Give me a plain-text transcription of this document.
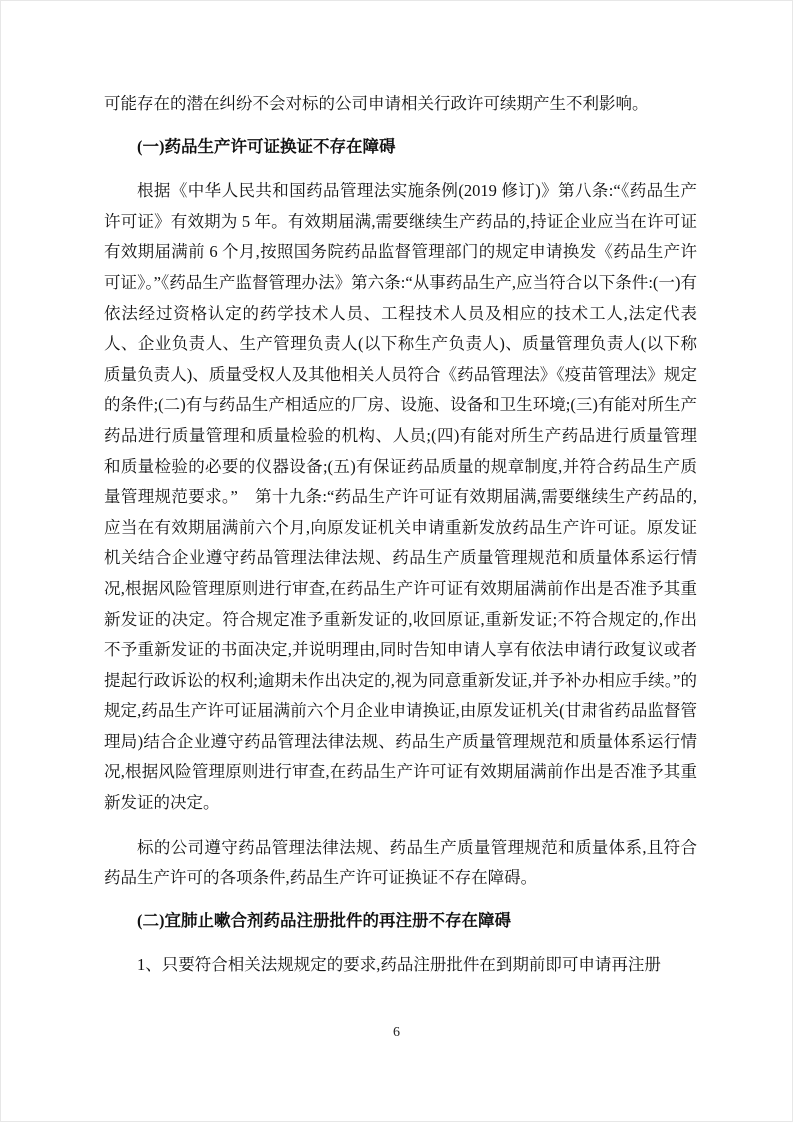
可能存在的潜在纠纷不会对标的公司申请相关行政许可续期产生不利影响。

(一)药品生产许可证换证不存在障碍

根据《中华人民共和国药品管理法实施条例(2019 修订)》第八条:“《药品生产许可证》有效期为 5 年。有效期届满,需要继续生产药品的,持证企业应当在许可证有效期届满前 6 个月,按照国务院药品监督管理部门的规定申请换发《药品生产许可证》。”《药品生产监督管理办法》第六条:“从事药品生产,应当符合以下条件:(一)有依法经过资格认定的药学技术人员、工程技术人员及相应的技术工人,法定代表人、企业负责人、生产管理负责人(以下称生产负责人)、质量管理负责人(以下称质量负责人)、质量受权人及其他相关人员符合《药品管理法》《疫苗管理法》规定的条件;(二)有与药品生产相适应的厂房、设施、设备和卫生环境;(三)有能对所生产药品进行质量管理和质量检验的机构、人员;(四)有能对所生产药品进行质量管理和质量检验的必要的仪器设备;(五)有保证药品质量的规章制度,并符合药品生产质量管理规范要求。”　第十九条:“药品生产许可证有效期届满,需要继续生产药品的,应当在有效期届满前六个月,向原发证机关申请重新发放药品生产许可证。原发证机关结合企业遵守药品管理法律法规、药品生产质量管理规范和质量体系运行情况,根据风险管理原则进行审查,在药品生产许可证有效期届满前作出是否准予其重新发证的决定。符合规定准予重新发证的,收回原证,重新发证;不符合规定的,作出不予重新发证的书面决定,并说明理由,同时告知申请人享有依法申请行政复议或者提起行政诉讼的权利;逾期未作出决定的,视为同意重新发证,并予补办相应手续。”的规定,药品生产许可证届满前六个月企业申请换证,由原发证机关(甘肃省药品监督管理局)结合企业遵守药品管理法律法规、药品生产质量管理规范和质量体系运行情况,根据风险管理原则进行审查,在药品生产许可证有效期届满前作出是否准予其重新发证的决定。

标的公司遵守药品管理法律法规、药品生产质量管理规范和质量体系,且符合药品生产许可的各项条件,药品生产许可证换证不存在障碍。

(二)宜肺止嗽合剂药品注册批件的再注册不存在障碍

1、只要符合相关法规规定的要求,药品注册批件在到期前即可申请再注册

6
